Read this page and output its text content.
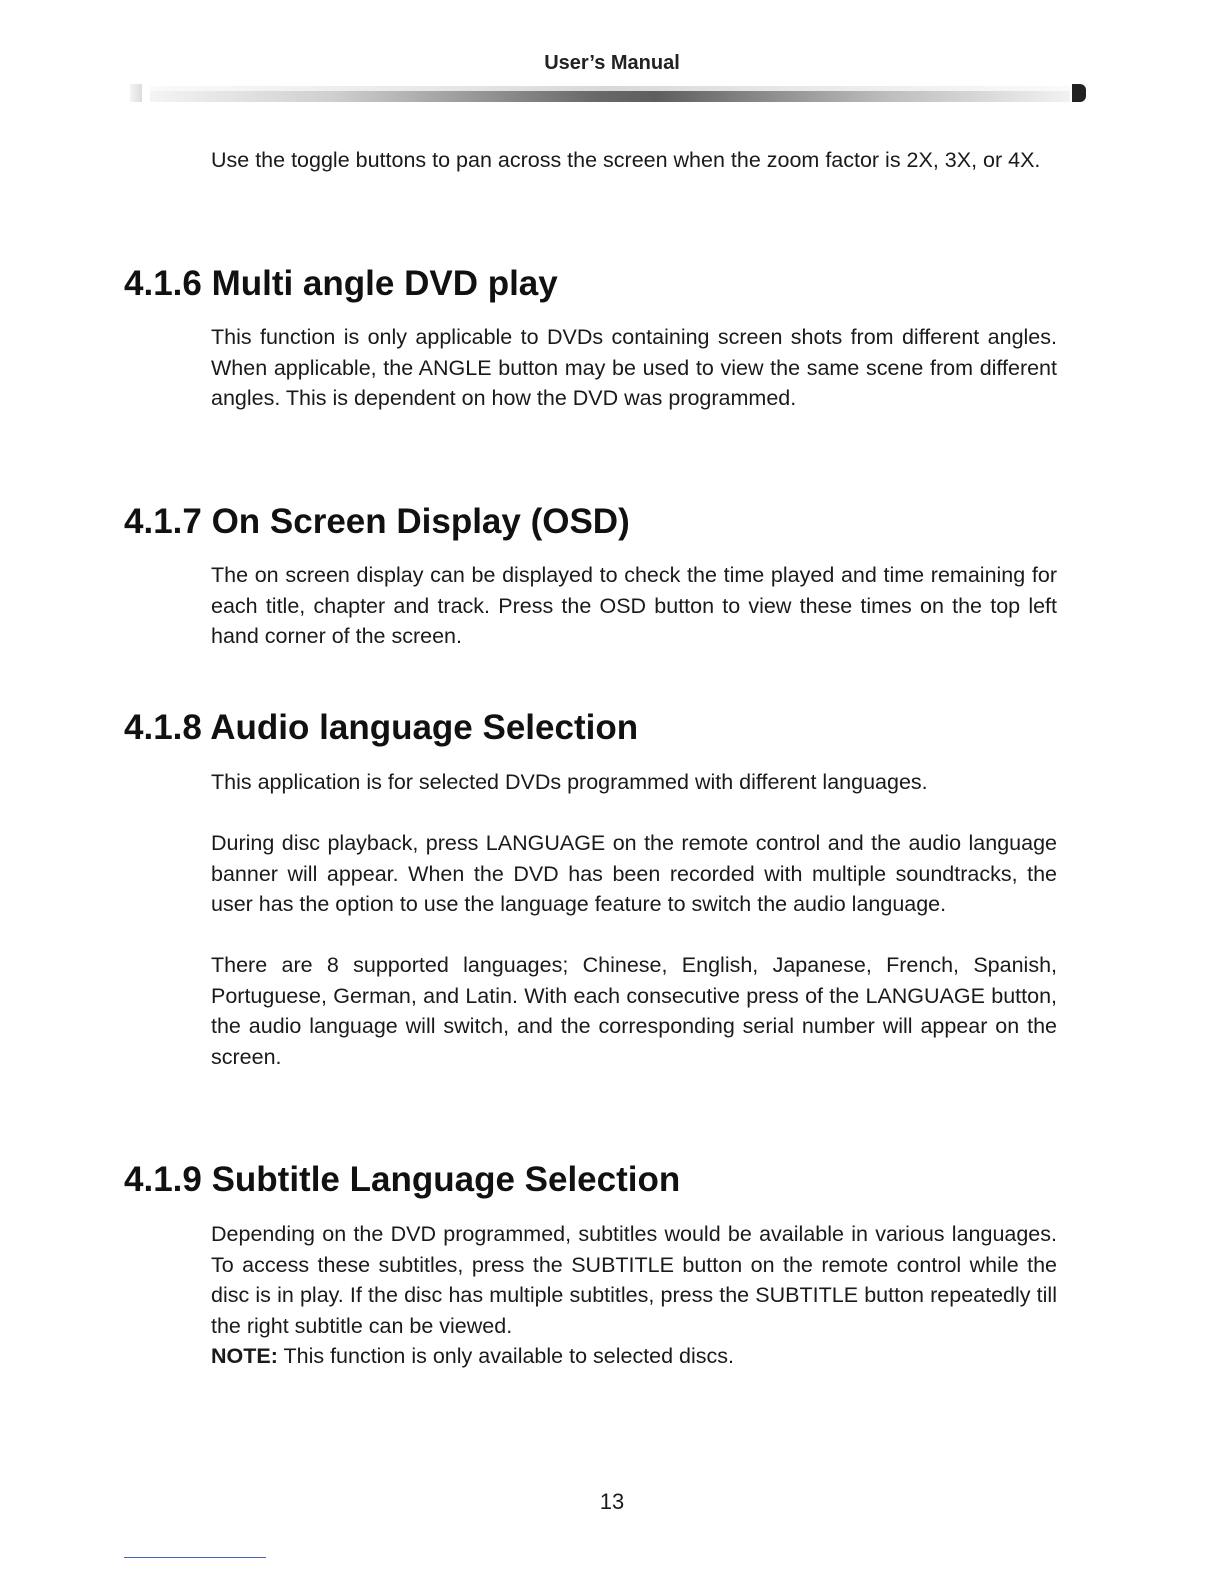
User’s Manual

Use the toggle buttons to pan across the screen when the zoom factor is 2X, 3X, or 4X.

4.1.6 Multi angle DVD play

This function is only applicable to DVDs containing screen shots from different angles. When applicable, the ANGLE button may be used to view the same scene from different angles. This is dependent on how the DVD was programmed.

4.1.7 On Screen Display (OSD)

The on screen display can be displayed to check the time played and time remaining for each title, chapter and track. Press the OSD button to view these times on the top left hand corner of the screen.

4.1.8 Audio language Selection

This application is for selected DVDs programmed with different languages.

During disc playback, press LANGUAGE on the remote control and the audio language banner will appear. When the DVD has been recorded with multiple soundtracks, the user has the option to use the language feature to switch the audio language.

There are 8 supported languages; Chinese, English, Japanese, French, Spanish, Portuguese, German, and Latin. With each consecutive press of the LANGUAGE button, the audio language will switch, and the corresponding serial number will appear on the screen.

4.1.9 Subtitle Language Selection

Depending on the DVD programmed, subtitles would be available in various languages. To access these subtitles, press the SUBTITLE button on the remote control while the disc is in play. If the disc has multiple subtitles, press the SUBTITLE button repeatedly till the right subtitle can be viewed.

NOTE: This function is only available to selected discs.

13
